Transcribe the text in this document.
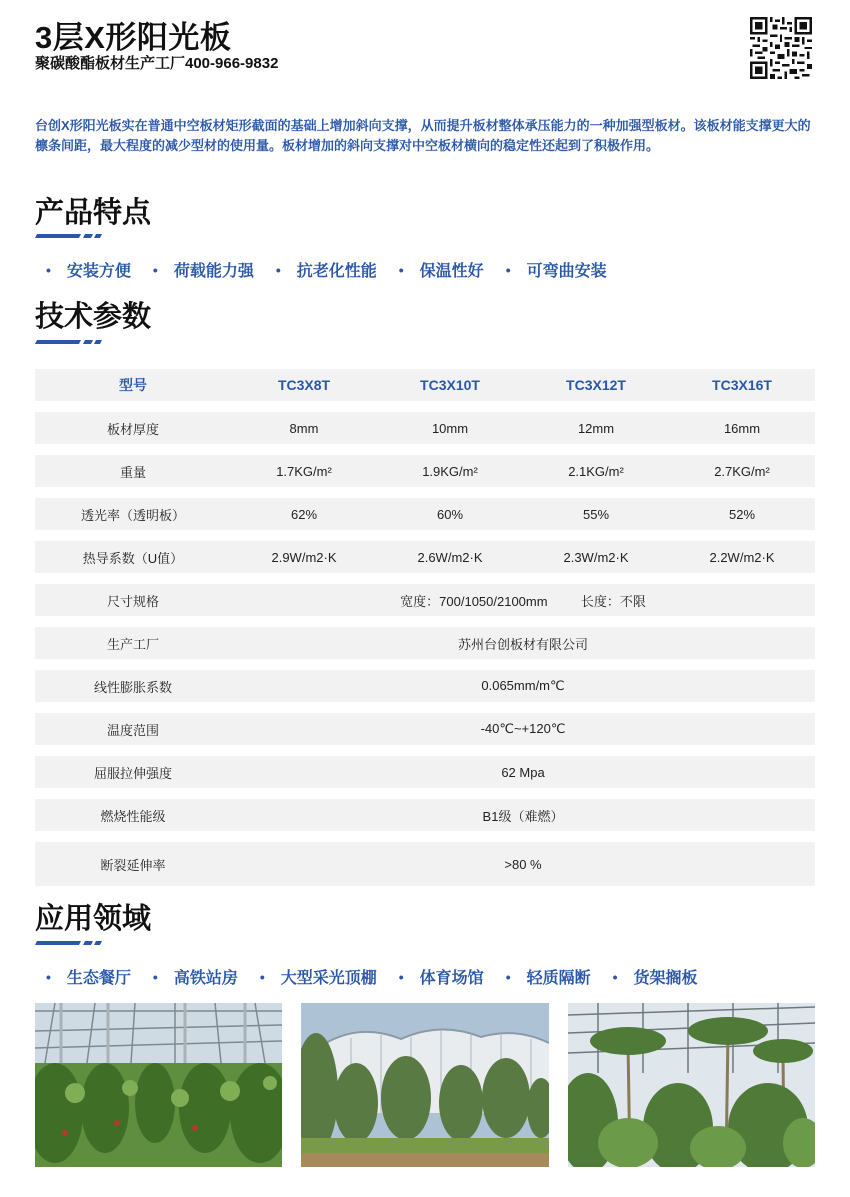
3层X形阳光板
聚碳酸酯板材生产工厂400-966-9832
台创X形阳光板实在普通中空板材矩形截面的基础上增加斜向支撑，从而提升板材整体承压能力的一种加强型板材。该板材能支撑更大的檩条间距，最大程度的减少型材的使用量。板材增加的斜向支撑对中空板材横向的稳定性还起到了积极作用。
产品特点
• 安装方便 • 荷载能力强 • 抗老化性能 • 保温性好 • 可弯曲安装
技术参数
型号	TC3X8T	TC3X10T	TC3X12T	TC3X16T
板材厚度	8mm	10mm	12mm	16mm
重量	1.7KG/m²	1.9KG/m²	2.1KG/m²	2.7KG/m²
透光率（透明板）	62%	60%	55%	52%
热导系数（U值）	2.9W/m2·K	2.6W/m2·K	2.3W/m2·K	2.2W/m2·K
尺寸规格	宽度：700/1050/2100mm 长度：不限			
生产工厂	苏州台创板材有限公司			
线性膨胀系数	0.065mm/m℃			
温度范围	-40℃~+120℃			
屈服拉伸强度	62 Mpa			
燃烧性能级	B1级（难燃）			
断裂延伸率	>80 %			
应用领域
• 生态餐厅 • 高铁站房 • 大型采光顶棚 • 体育场馆 • 轻质隔断 • 货架搁板
